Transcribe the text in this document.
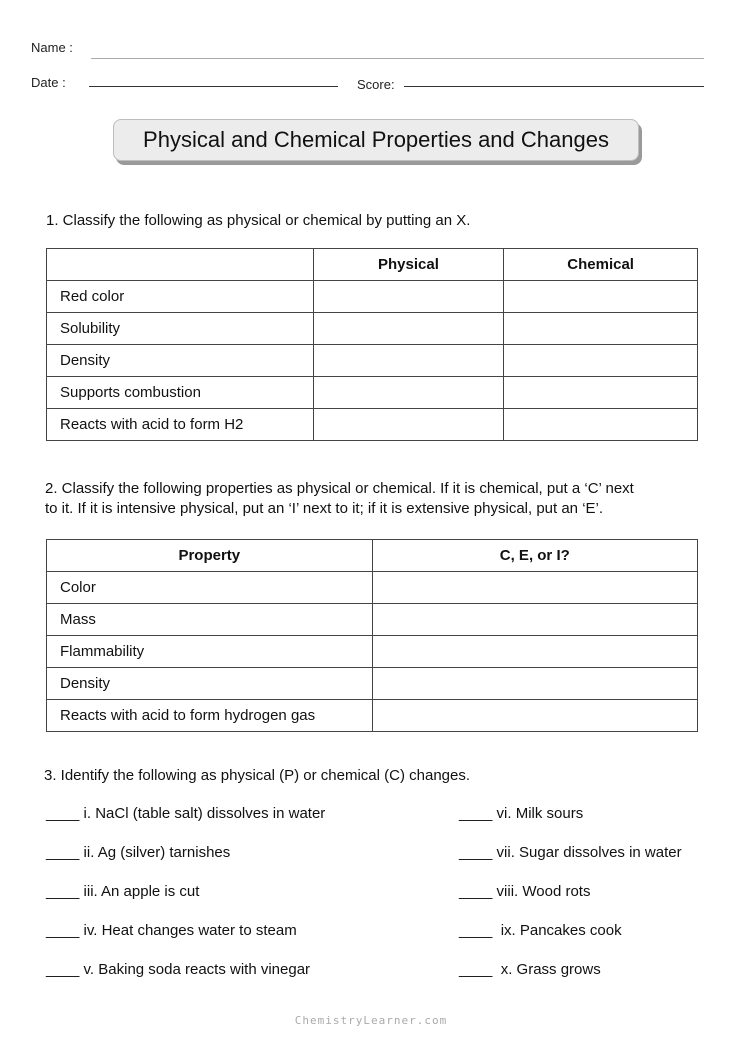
Name :
Date :	Score:
Physical and Chemical Properties and Changes
1. Classify the following as physical or chemical by putting an X.
	Physical	Chemical
Red color		
Solubility		
Density		
Supports combustion		
Reacts with acid to form H2		
2. Classify the following properties as physical or chemical. If it is chemical, put a ‘C’ next
to it. If it is intensive physical, put an ‘I’ next to it; if it is extensive physical, put an ‘E’.
Property	C, E, or I?
Color	
Mass	
Flammability	
Density	
Reacts with acid to form hydrogen gas	
3. Identify the following as physical (P) or chemical (C) changes.
____ i. NaCl (table salt) dissolves in water
____ ii. Ag (silver) tarnishes
____ iii. An apple is cut
____ iv. Heat changes water to steam
____ v. Baking soda reacts with vinegar
____ vi. Milk sours
____ vii. Sugar dissolves in water
____ viii. Wood rots
____  ix. Pancakes cook
____  x. Grass grows
ChemistryLearner.com
